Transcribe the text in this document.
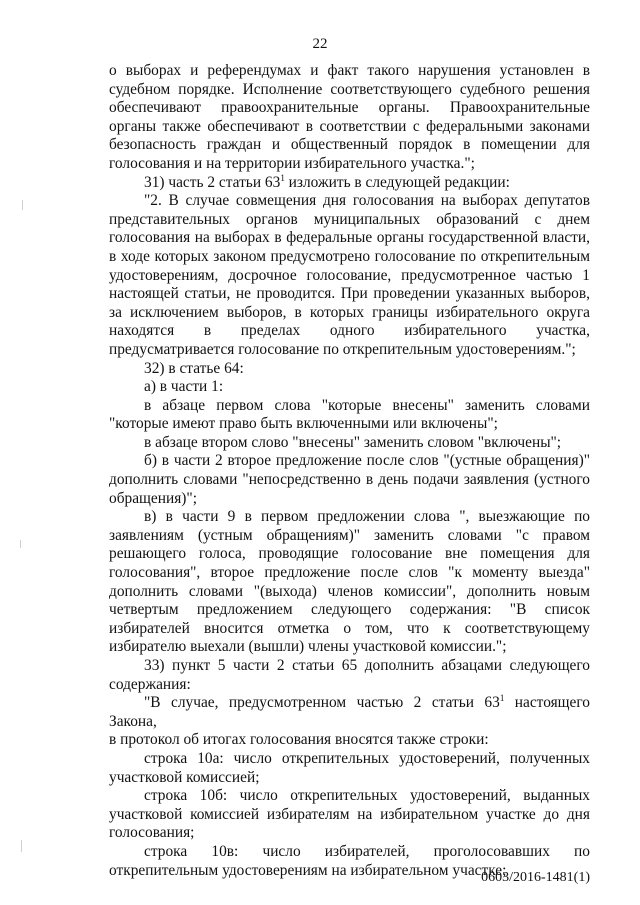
22

о выборах и референдумах и факт такого нарушения установлен в судебном порядке. Исполнение соответствующего судебного решения обеспечивают правоохранительные органы. Правоохранительные органы также обеспечивают в соответствии с федеральными законами безопасность граждан и общественный порядок в помещении для голосования и на территории избирательного участка.";

31) часть 2 статьи $63^1$ изложить в следующей редакции:

"2. В случае совмещения дня голосования на выборах депутатов представительных органов муниципальных образований с днем голосования на выборах в федеральные органы государственной власти, в ходе которых законом предусмотрено голосование по открепительным удостоверениям, досрочное голосование, предусмотренное частью 1 настоящей статьи, не проводится. При проведении указанных выборов, за исключением выборов, в которых границы избирательного округа находятся в пределах одного избирательного участка, предусматривается голосование по открепительным удостоверениям.";

32) в статье 64:

а) в части 1:

в абзаце первом слова "которые внесены" заменить словами "которые имеют право быть включенными или включены";

в абзаце втором слово "внесены" заменить словом "включены";

б) в части 2 второе предложение после слов "(устные обращения)" дополнить словами "непосредственно в день подачи заявления (устного обращения)";

в) в части 9 в первом предложении слова ", выезжающие по заявлениям (устным обращениям)" заменить словами "с правом решающего голоса, проводящие голосование вне помещения для голосования", второе предложение после слов "к моменту выезда" дополнить словами "(выхода) членов комиссии", дополнить новым четвертым предложением следующего содержания: "В список избирателей вносится отметка о том, что к соответствующему избирателю выехали (вышли) члены участковой комиссии.";

33) пункт 5 части 2 статьи 65 дополнить абзацами следующего содержания:

"В случае, предусмотренном частью 2 статьи $63^1$ настоящего Закона,

в протокол об итогах голосования вносятся также строки:

строка 10а: число открепительных удостоверений, полученных участковой комиссией;

строка 10б: число открепительных удостоверений, выданных участковой комиссией избирателям на избирательном участке до дня голосования;

строка 10в: число избирателей, проголосовавших по открепительным удостоверениям на избирательном участке;

0603/2016-1481(1)
